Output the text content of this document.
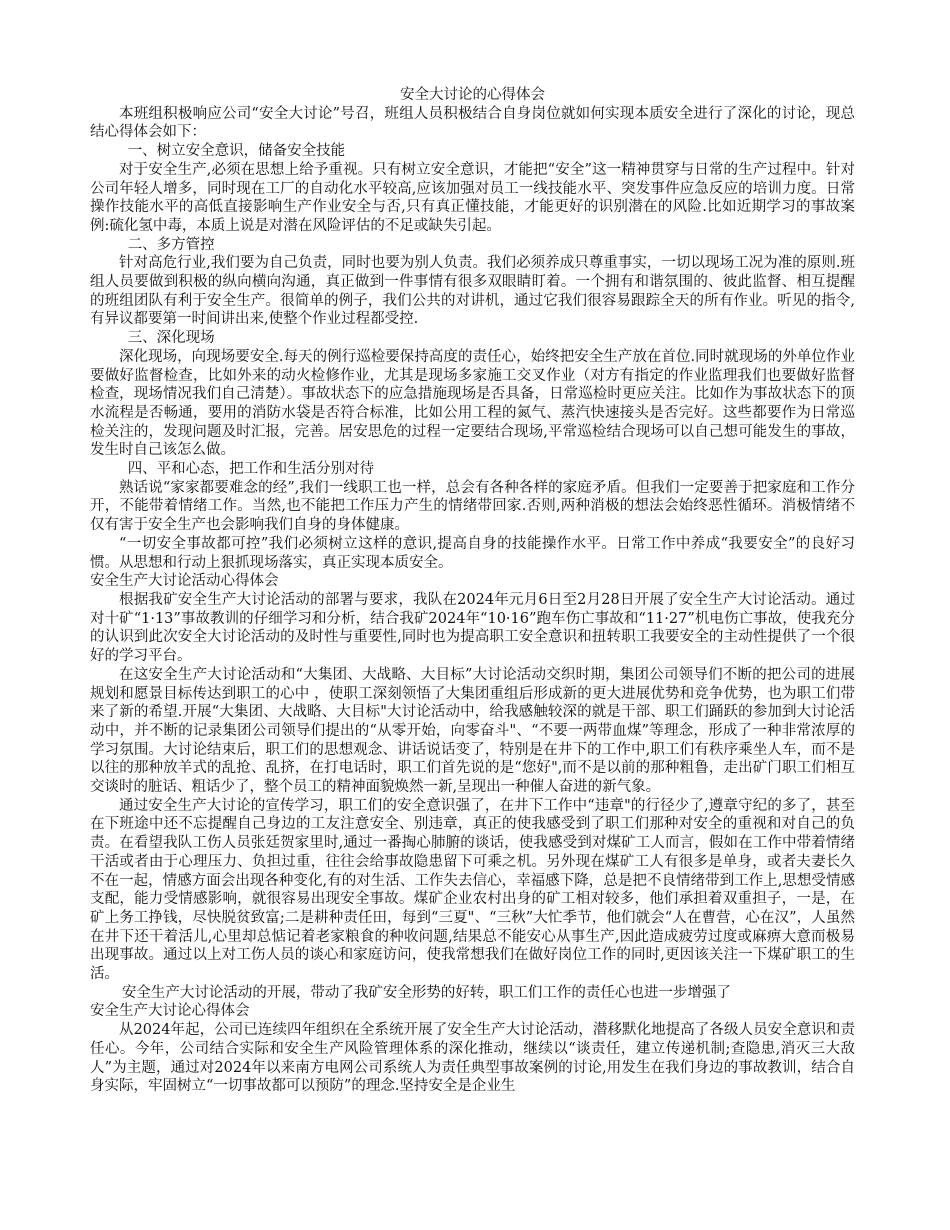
安全大讨论的心得体会

本班组积极响应公司“安全大讨论”号召，班组人员积极结合自身岗位就如何实现本质安全进行了深化的讨论，现总结心得体会如下：

一、树立安全意识，储备安全技能

对于安全生产,必须在思想上给予重视。只有树立安全意识，才能把“安全”这一精神贯穿与日常的生产过程中。针对公司年轻人增多，同时现在工厂的自动化水平较高,应该加强对员工一线技能水平、突发事件应急反应的培训力度。日常操作技能水平的高低直接影响生产作业安全与否,只有真正懂技能，才能更好的识别潜在的风险.比如近期学习的事故案例:硫化氢中毒，本质上说是对潜在风险评估的不足或缺失引起。

二、多方管控

针对高危行业,我们要为自己负责，同时也要为别人负责。我们必须养成只尊重事实，一切以现场工况为准的原则.班组人员要做到积极的纵向横向沟通，真正做到一件事情有很多双眼睛盯着。一个拥有和谐氛围的、彼此监督、相互提醒的班组团队有利于安全生产。很简单的例子，我们公共的对讲机，通过它我们很容易跟踪全天的所有作业。听见的指令,有异议都要第一时间讲出来,使整个作业过程都受控.

三、深化现场

深化现场，向现场要安全.每天的例行巡检要保持高度的责任心，始终把安全生产放在首位.同时就现场的外单位作业要做好监督检查，比如外来的动火检修作业，尤其是现场多家施工交叉作业（对方有指定的作业监理我们也要做好监督检查，现场情况我们自己清楚）。事故状态下的应急措施现场是否具备，日常巡检时更应关注。比如作为事故状态下的顶水流程是否畅通，要用的消防水袋是否符合标准，比如公用工程的氮气、蒸汽快速接头是否完好。这些都要作为日常巡检关注的，发现问题及时汇报，完善。居安思危的过程一定要结合现场,平常巡检结合现场可以自己想可能发生的事故，发生时自己该怎么做。

四、平和心态，把工作和生活分别对待

熟话说“家家都要难念的经”,我们一线职工也一样，总会有各种各样的家庭矛盾。但我们一定要善于把家庭和工作分开，不能带着情绪工作。当然,也不能把工作压力产生的情绪带回家.否则,两种消极的想法会始终恶性循环。消极情绪不仅有害于安全生产也会影响我们自身的身体健康。

“一切安全事故都可控”我们必须树立这样的意识,提高自身的技能操作水平。日常工作中养成“我要安全”的良好习惯。从思想和行动上狠抓现场落实，真正实现本质安全。

安全生产大讨论活动心得体会

根据我矿安全生产大讨论活动的部署与要求，我队在2024年元月6日至2月28日开展了安全生产大讨论活动。通过对十矿“1·13”事故教训的仔细学习和分析，结合我矿2024年“10·16”跑车伤亡事故和“11·27”机电伤亡事故，使我充分的认识到此次安全大讨论活动的及时性与重要性,同时也为提高职工安全意识和扭转职工我要安全的主动性提供了一个很好的学习平台。

在这安全生产大讨论活动和“大集团、大战略、大目标”大讨论活动交织时期，集团公司领导们不断的把公司的进展规划和愿景目标传达到职工的心中 ，使职工深刻领悟了大集团重组后形成新的更大进展优势和竞争优势，也为职工们带来了新的希望.开展“大集团、大战略、大目标"大讨论活动中，给我感触较深的就是干部、职工们踊跃的参加到大讨论活动中，并不断的记录集团公司领导们提出的“从零开始，向零奋斗"、“不要一两带血煤”等理念，形成了一种非常浓厚的学习氛围。大讨论结束后，职工们的思想观念、讲话说话变了，特别是在井下的工作中,职工们有秩序乘坐人车，而不是以往的那种放羊式的乱抢、乱挤，在打电话时，职工们首先说的是“您好",而不是以前的那种粗鲁，走出矿门职工们相互交谈时的脏话、粗话少了，整个员工的精神面貌焕然一新,呈现出一种催人奋进的新气象。

通过安全生产大讨论的宣传学习，职工们的安全意识强了，在井下工作中“违章"的行径少了,遵章守纪的多了，甚至在下班途中还不忘提醒自己身边的工友注意安全、别违章，真正的使我感受到了职工们那种对安全的重视和对自己的负责。在看望我队工伤人员张廷贺家里时,通过一番掏心肺腑的谈话，使我感受到对煤矿工人而言，假如在工作中带着情绪干活或者由于心理压力、负担过重，往往会给事故隐患留下可乘之机。另外现在煤矿工人有很多是单身，或者夫妻长久不在一起，情感方面会出现各种变化,有的对生活、工作失去信心，幸福感下降，总是把不良情绪带到工作上,思想受情感支配，能力受情感影响，就很容易出现安全事故。煤矿企业农村出身的矿工相对较多，他们承担着双重担子，一是，在矿上务工挣钱，尽快脱贫致富;二是耕种责任田，每到“三夏"、“三秋”大忙季节，他们就会“人在曹营，心在汉”，人虽然在井下还干着活儿,心里却总惦记着老家粮食的种收问题,结果总不能安心从事生产,因此造成疲劳过度或麻痹大意而极易出现事故。通过以上对工伤人员的谈心和家庭访问，使我常想我们在做好岗位工作的同时,更因该关注一下煤矿职工的生活。

安全生产大讨论活动的开展，带动了我矿安全形势的好转，职工们工作的责任心也进一步增强了

安全生产大讨论心得体会

从2024年起，公司已连续四年组织在全系统开展了安全生产大讨论活动，潜移默化地提高了各级人员安全意识和责任心。今年，公司结合实际和安全生产风险管理体系的深化推动，继续以“谈责任，建立传递机制;查隐患,消灭三大敌人”为主题，通过对2024年以来南方电网公司系统人为责任典型事故案例的讨论,用发生在我们身边的事故教训，结合自身实际，牢固树立“一切事故都可以预防”的理念.坚持安全是企业生
